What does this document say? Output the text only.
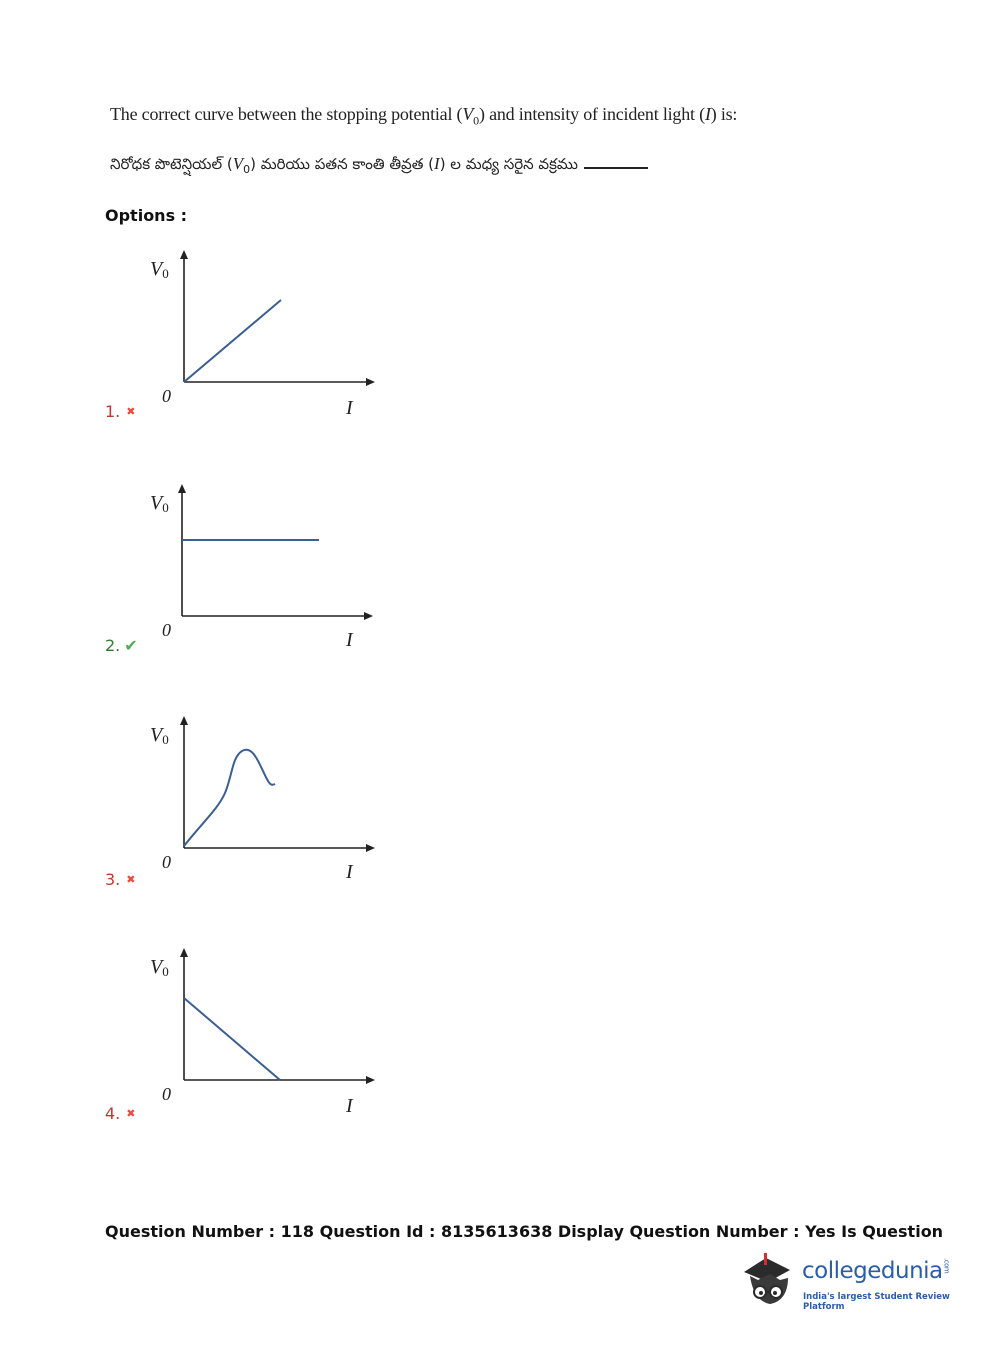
The correct curve between the stopping potential $(V_0)$ and intensity of incident light (I) is:
నిరోధక పొటెన్షియల్ $(V_0)$ మరియు పతన కాంతి తీవ్రత (I) ల మధ్య సరైన వక్రము
Options :
V0
0
I
1. ✖
V0
0	I
2. ✔
V0
0	I
3. ✖
V0
0
I
4. ✖
Question Number : 118 Question Id : 8135613638 Display Question Number : Yes Is Question
collegedunia.com
India's largest Student Review Platform
